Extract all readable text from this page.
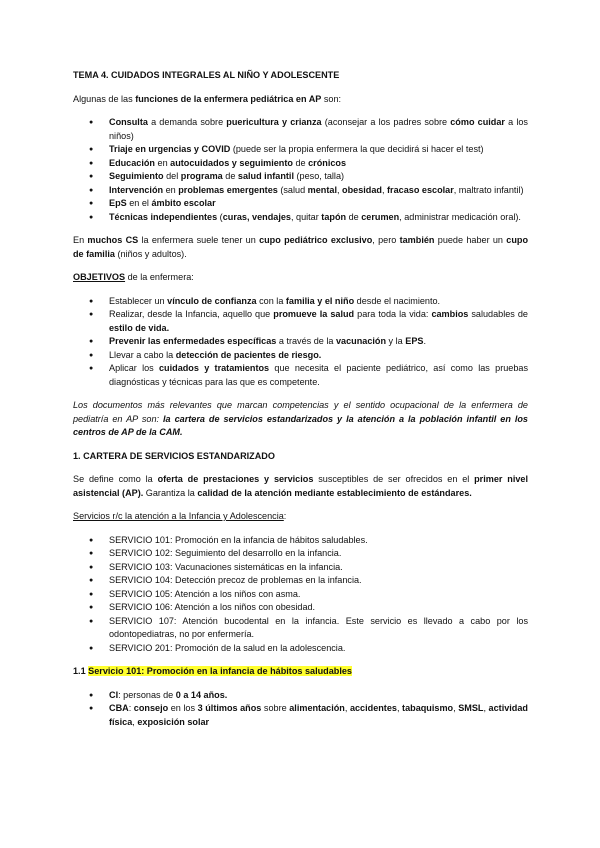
TEMA 4. CUIDADOS INTEGRALES AL NIÑO Y ADOLESCENTE

Algunas de las funciones de la enfermera pediátrica en AP son:

● Consulta a demanda sobre puericultura y crianza (aconsejar a los padres sobre cómo cuidar a los niños)
● Triaje en urgencias y COVID (puede ser la propia enfermera la que decidirá si hacer el test)
● Educación en autocuidados y seguimiento de crónicos
● Seguimiento del programa de salud infantil (peso, talla)
● Intervención en problemas emergentes (salud mental, obesidad, fracaso escolar, maltrato infantil)
● EpS en el ámbito escolar
● Técnicas independientes (curas, vendajes, quitar tapón de cerumen, administrar medicación oral).

En muchos CS la enfermera suele tener un cupo pediátrico exclusivo, pero también puede haber un cupo de familia (niños y adultos).

OBJETIVOS de la enfermera:

● Establecer un vínculo de confianza con la familia y el niño desde el nacimiento.
● Realizar, desde la Infancia, aquello que promueve la salud para toda la vida: cambios saludables de estilo de vida.
● Prevenir las enfermedades específicas a través de la vacunación y la EPS.
● Llevar a cabo la detección de pacientes de riesgo.
● Aplicar los cuidados y tratamientos que necesita el paciente pediátrico, así como las pruebas diagnósticas y técnicas para las que es competente.

Los documentos más relevantes que marcan competencias y el sentido ocupacional de la enfermera de pediatría en AP son: la cartera de servicios estandarizados y la atención a la población infantil en los centros de AP de la CAM.

1. CARTERA DE SERVICIOS ESTANDARIZADO

Se define como la oferta de prestaciones y servicios susceptibles de ser ofrecidos en el primer nivel asistencial (AP). Garantiza la calidad de la atención mediante establecimiento de estándares.

Servicios r/c la atención a la Infancia y Adolescencia:

● SERVICIO 101: Promoción en la infancia de hábitos saludables.
● SERVICIO 102: Seguimiento del desarrollo en la infancia.
● SERVICIO 103: Vacunaciones sistemáticas en la infancia.
● SERVICIO 104: Detección precoz de problemas en la infancia.
● SERVICIO 105: Atención a los niños con asma.
● SERVICIO 106: Atención a los niños con obesidad.
● SERVICIO 107: Atención bucodental en la infancia. Este servicio es llevado a cabo por los odontopediatras, no por enfermería.
● SERVICIO 201: Promoción de la salud en la adolescencia.
1.1 Servicio 101: Promoción en la infancia de hábitos saludables
● CI: personas de 0 a 14 años.
● CBA: consejo en los 3 últimos años sobre alimentación, accidentes, tabaquismo, SMSL, actividad física, exposición solar
